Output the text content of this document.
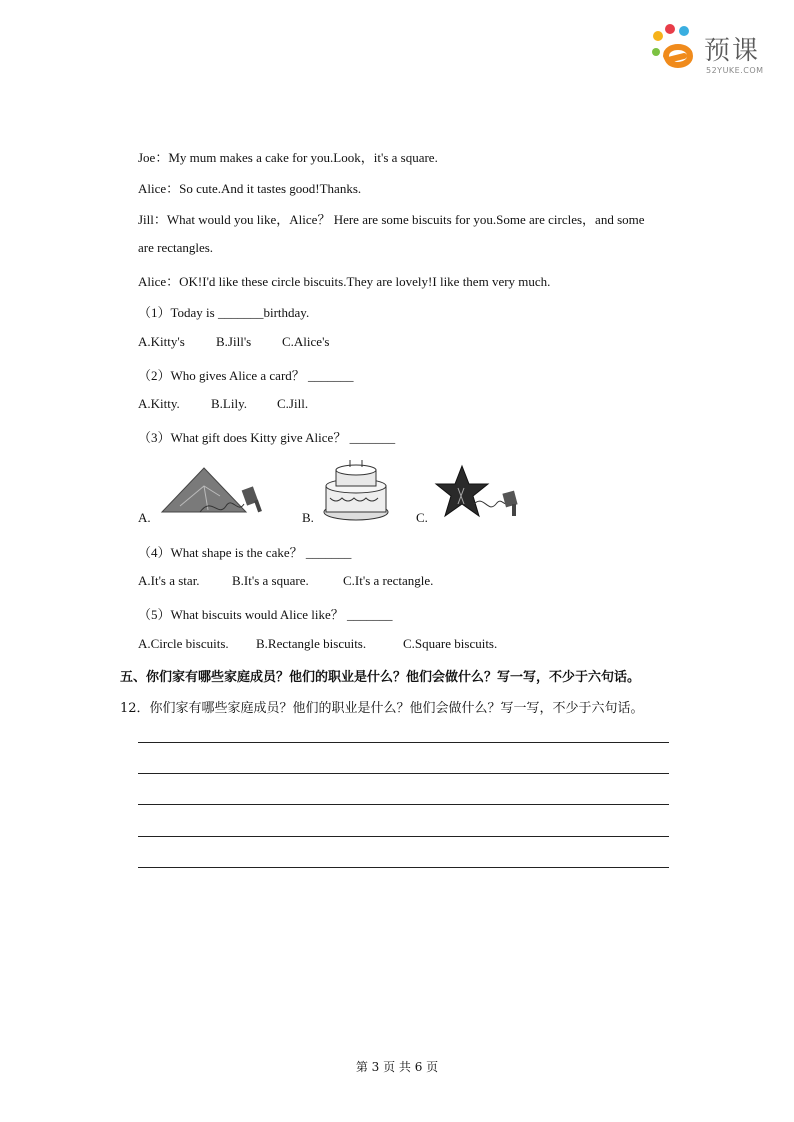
预课
52YUKE.COM
Joe：My mum makes a cake for you.Look，it's a square.
Alice：So cute.And it tastes good!Thanks.
Jill：What would you like，Alice？ Here are some biscuits for you.Some are circles，and some
are rectangles.
Alice：OK!I'd like these circle biscuits.They are lovely!I like them very much.
（1）Today is _______birthday.
A.Kitty's B.Jill's C.Alice's
（2）Who gives Alice a card？ _______
A.Kitty. B.Lily. C.Jill.
（3）What gift does Kitty give Alice？ _______
A.	B.	C.
（4）What shape is the cake？ _______
A.It's a star. B.It's a square.	C.It's a rectangle.
（5）What biscuits would Alice like？ _______
A.Circle biscuits. B.Rectangle biscuits.	C.Square biscuits.
五、你们家有哪些家庭成员？他们的职业是什么？他们会做什么？写一写，不少于六句话。
12．你们家有哪些家庭成员？他们的职业是什么？他们会做什么？写一写，不少于六句话。
第 3 页 共 6 页
